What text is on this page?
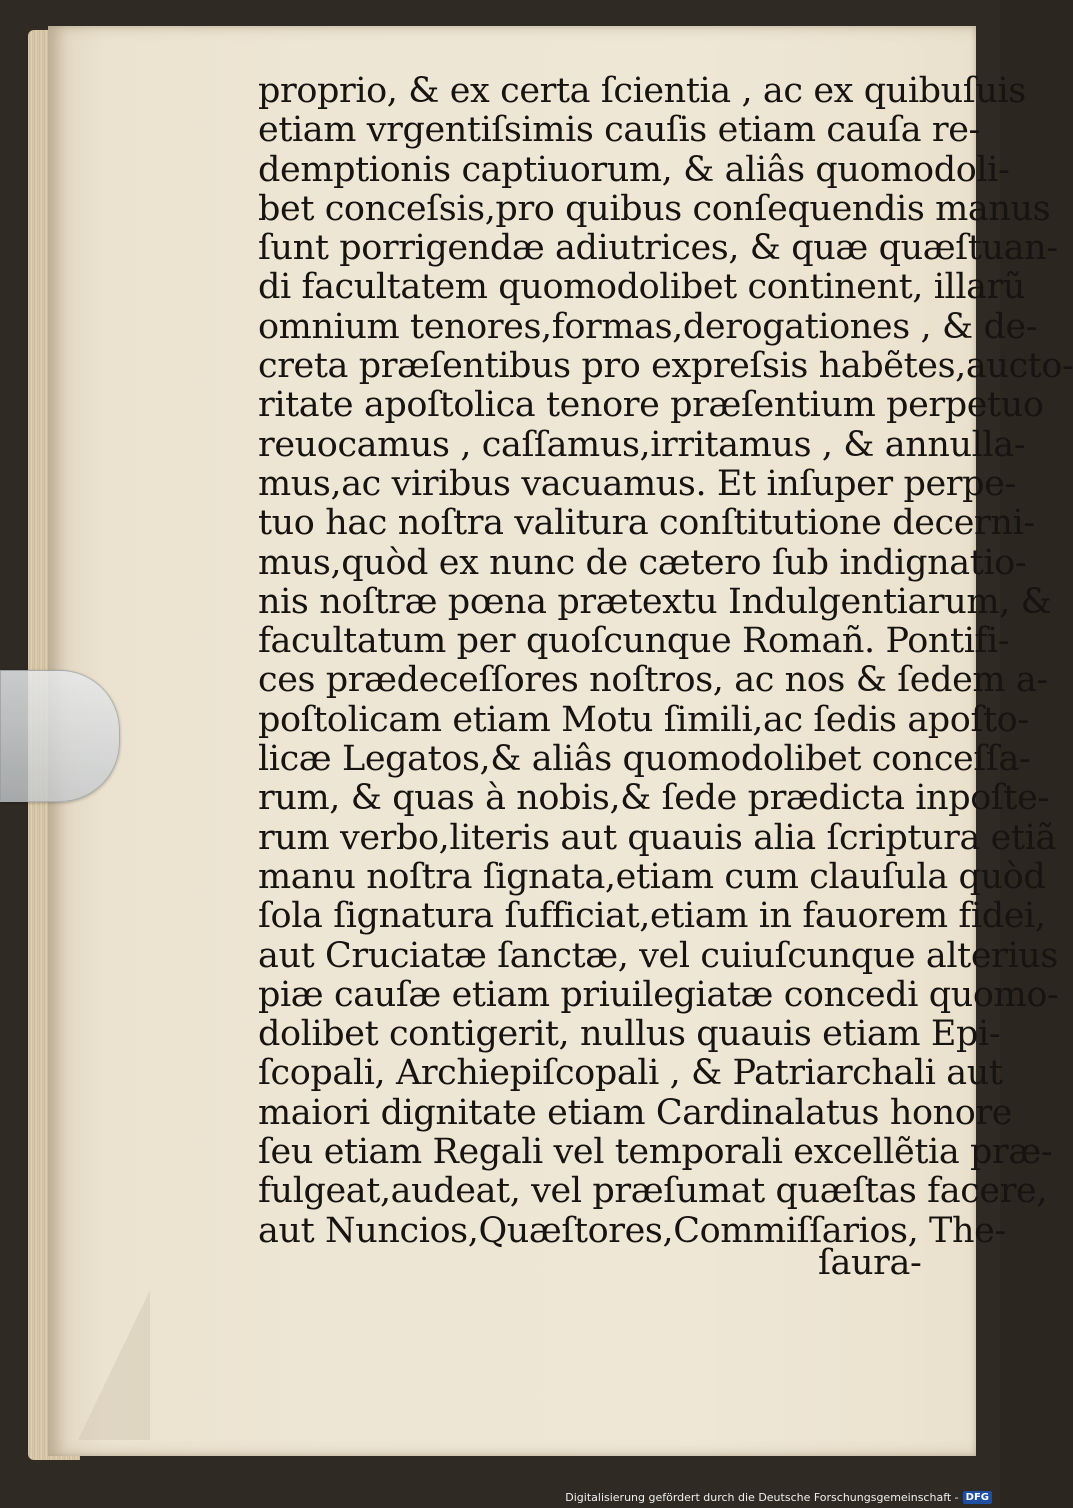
proprio, & ex certa ſcientia , ac ex quibuſuis
etiam vrgentiſsimis cauſis etiam cauſa re-
demptionis captiuorum, & aliâs quomodoli-
bet conceſsis,pro quibus conſequendis manus
ſunt porrigendæ adiutrices, & quæ quæſtuan-
di facultatem quomodolibet continent, illarũ
omnium tenores,formas,derogationes , & de-
creta præſentibus pro expreſsis habẽtes,aucto-
ritate apoſtolica tenore præſentium perpetuo
reuocamus , caſſamus,irritamus , & annulla-
mus,ac viribus vacuamus. Et inſuper perpe-
tuo hac noſtra valitura conſtitutione decerni-
mus,quòd ex nunc de cætero ſub indignatio-
nis noſtræ pœna prætextu Indulgentiarum, &
facultatum per quoſcunque Romañ. Pontifi-
ces prædeceſſores noſtros, ac nos & ſedem a-
poſtolicam etiam Motu ſimili,ac ſedis apoſto-
licæ Legatos,& aliâs quomodolibet conceſſa-
rum, & quas à nobis,& ſede prædicta inpoſte-
rum verbo,literis aut quauis alia ſcriptura etiã
manu noſtra ſignata,etiam cum clauſula quòd
ſola ſignatura ſufficiat,etiam in fauorem fidei,
aut Cruciatæ ſanctæ, vel cuiuſcunque alterius
piæ cauſæ etiam priuilegiatæ concedi quomo-
dolibet contigerit, nullus quauis etiam Epi-
ſcopali, Archiepiſcopali , & Patriarchali aut
maiori dignitate etiam Cardinalatus honore
ſeu etiam Regali vel temporali excellẽtia præ-
fulgeat,audeat, vel præſumat quæſtas facere,
aut Nuncios,Quæſtores,Commiſſarios, The-
ſaura-
Digitalisierung gefördert durch die Deutsche Forschungsgemeinschaft - DFG
